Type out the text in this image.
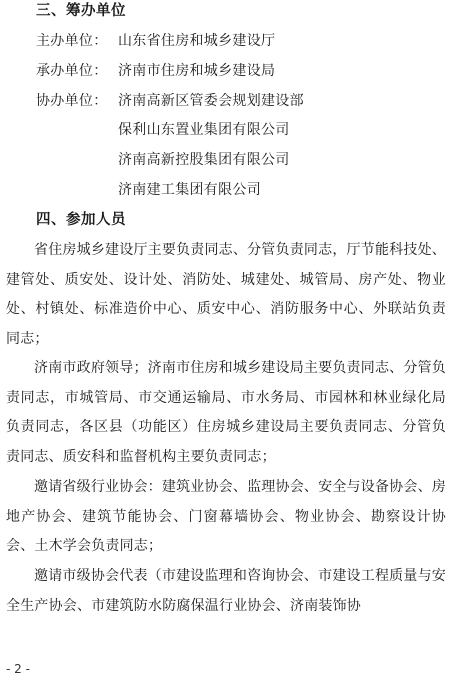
三、筹办单位
主办单位： 山东省住房和城乡建设厅
承办单位： 济南市住房和城乡建设局
协办单位： 济南高新区管委会规划建设部
保利山东置业集团有限公司
济南高新控股集团有限公司
济南建工集团有限公司
四、参加人员

省住房城乡建设厅主要负责同志、分管负责同志，厅节能科技处、建管处、质安处、设计处、消防处、城建处、城管局、房产处、物业处、村镇处、标准造价中心、质安中心、消防服务中心、外联站负责同志；

济南市政府领导；济南市住房和城乡建设局主要负责同志、分管负责同志，市城管局、市交通运输局、市水务局、市园林和林业绿化局负责同志，各区县（功能区）住房城乡建设局主要负责同志、分管负责同志、质安科和监督机构主要负责同志；

邀请省级行业协会：建筑业协会、监理协会、安全与设备协会、房地产协会、建筑节能协会、门窗幕墙协会、物业协会、勘察设计协会、土木学会负责同志；

邀请市级协会代表（市建设监理和咨询协会、市建设工程质量与安全生产协会、市建筑防水防腐保温行业协会、济南装饰协

- 2 -
